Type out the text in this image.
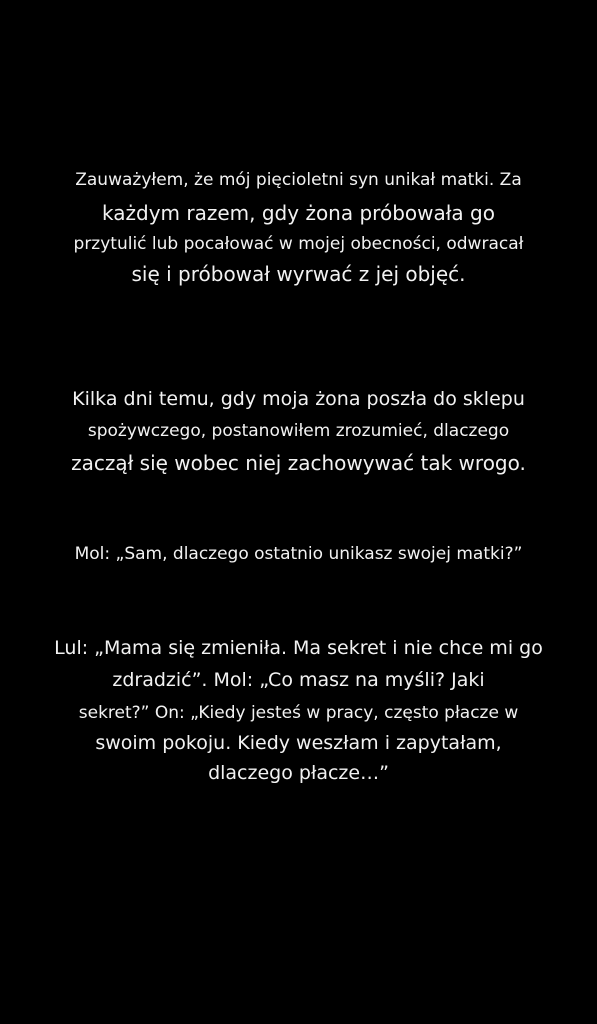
Zauważyłem, że mój pięcioletni syn unikał matki. Za
każdym razem, gdy żona próbowała go
przytulić lub pocałować w mojej obecności, odwracał
się i próbował wyrwać z jej objęć.
Kilka dni temu, gdy moja żona poszła do sklepu
spożywczego, postanowiłem zrozumieć, dlaczego
zaczął się wobec niej zachowywać tak wrogo.
Mol: „Sam, dlaczego ostatnio unikasz swojej matki?”
Lul: „Mama się zmieniła. Ma sekret i nie chce mi go
zdradzić”. Mol: „Co masz na myśli? Jaki
sekret?” On: „Kiedy jesteś w pracy, często płacze w
swoim pokoju. Kiedy weszłam i zapytałam,
dlaczego płacze…”
